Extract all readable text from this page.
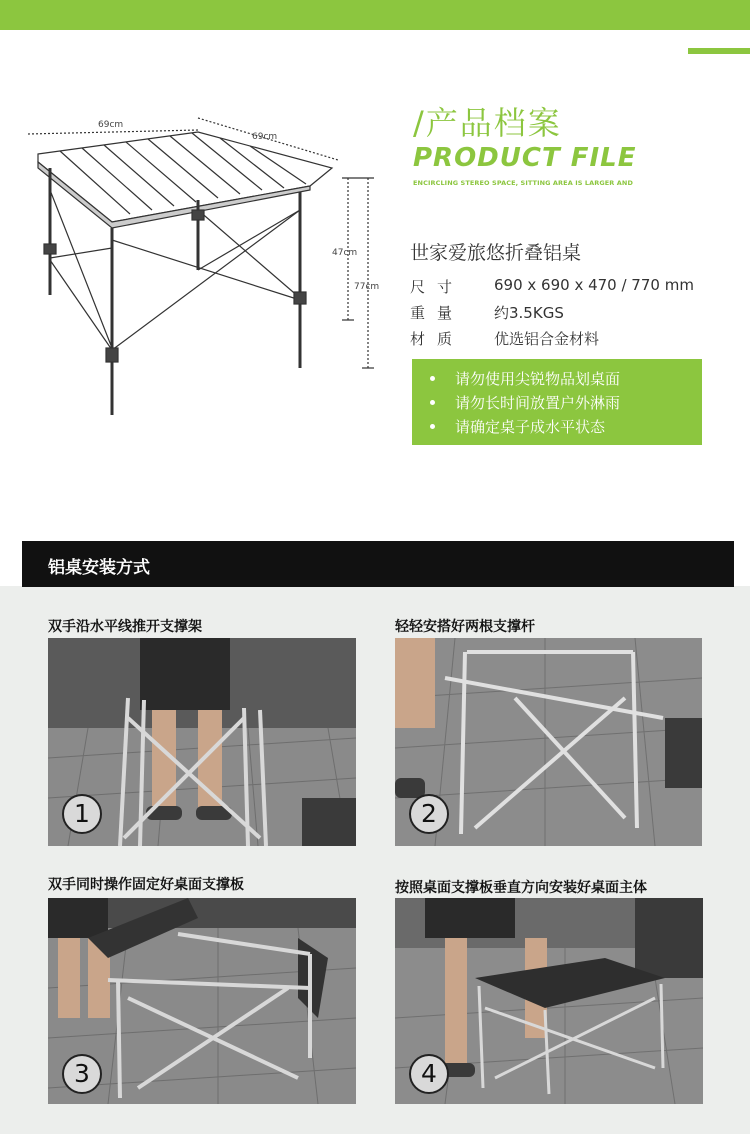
69cm
69cm
47cm
77cm
/产品档案
PRODUCT FILE
ENCIRCLING STEREO SPACE, SITTING AREA IS LARGER AND
世家爱旅悠折叠铝桌
尺寸	690 x 690 x 470 / 770 mm
重量	约3.5KGS
材质	优选铝合金材料
请勿使用尖锐物品划桌面
请勿长时间放置户外淋雨
请确定桌子成水平状态
铝桌安装方式
双手沿水平线推开支撑架	轻轻安搭好两根支撑杆
双手同时操作固定好桌面支撑板	按照桌面支撑板垂直方向安装好桌面主体
1	2
3	4
